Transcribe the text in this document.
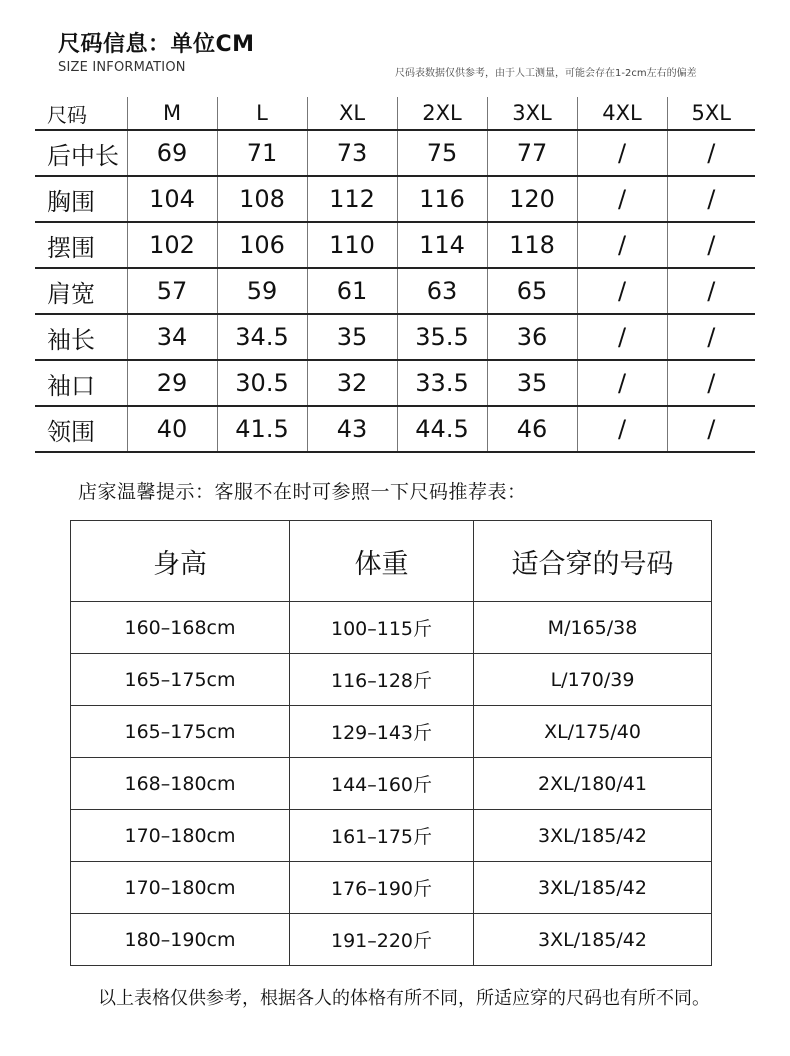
尺码信息：单位CM
SIZE INFORMATION	尺码表数据仅供参考，由于人工测量，可能会存在1-2cm左右的偏差
尺码	M	L	XL	2XL	3XL	4XL	5XL
后中长	69	71	73	75	77	/	/
胸围	104	108	112	116	120	/	/
摆围	102	106	110	114	118	/	/
肩宽	57	59	61	63	65	/	/
袖长	34	34.5	35	35.5	36	/	/
袖口	29	30.5	32	33.5	35	/	/
领围	40	41.5	43	44.5	46	/	/
店家温馨提示：客服不在时可参照一下尺码推荐表：
身高	体重	适合穿的号码
160–168cm	100–115斤	M/165/38
165–175cm	116–128斤	L/170/39
165–175cm	129–143斤	XL/175/40
168–180cm	144–160斤	2XL/180/41
170–180cm	161–175斤	3XL/185/42
170–180cm	176–190斤	3XL/185/42
180–190cm	191–220斤	3XL/185/42
以上表格仅供参考，根据各人的体格有所不同，所适应穿的尺码也有所不同。
